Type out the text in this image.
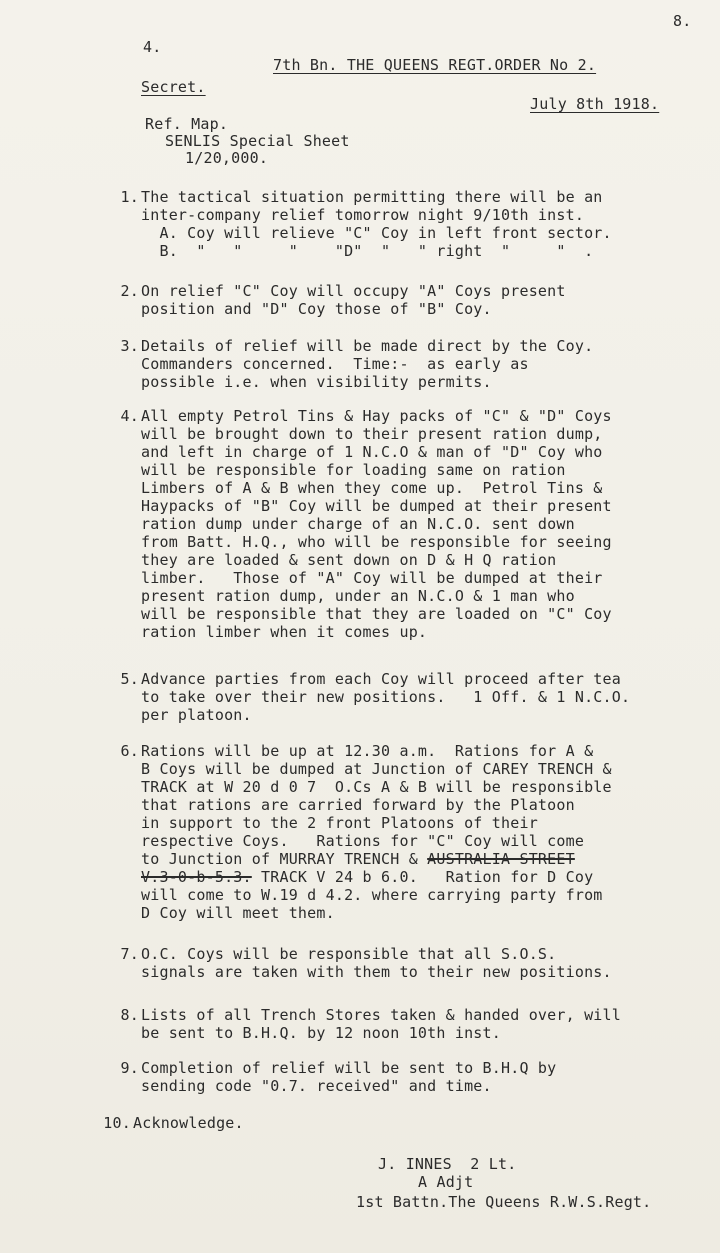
8.
4.
7th Bn. THE QUEENS REGT.ORDER No 2.
Secret.
July 8th 1918.
Ref. Map.
SENLIS Special Sheet
1/20,000.
1. The tactical situation permitting there will be an
inter-company relief tomorrow night 9/10th inst.
A. Coy will relieve "C" Coy in left front sector.
B.  "   "     "    "D"  "   " right  "     "  .
2. On relief "C" Coy will occupy "A" Coys present
position and "D" Coy those of "B" Coy.
3. Details of relief will be made direct by the Coy.
Commanders concerned.  Time:-  as early as
possible i.e. when visibility permits.
4. All empty Petrol Tins & Hay packs of "C" & "D" Coys
will be brought down to their present ration dump,
and left in charge of 1 N.C.O & man of "D" Coy who
will be responsible for loading same on ration
Limbers of A & B when they come up.  Petrol Tins &
Haypacks of "B" Coy will be dumped at their present
ration dump under charge of an N.C.O. sent down
from Batt. H.Q., who will be responsible for seeing
they are loaded & sent down on D & H Q ration
limber.   Those of "A" Coy will be dumped at their
present ration dump, under an N.C.O & 1 man who
will be responsible that they are loaded on "C" Coy
ration limber when it comes up.
5. Advance parties from each Coy will proceed after tea
to take over their new positions.   1 Off. & 1 N.C.O.
per platoon.
6. Rations will be up at 12.30 a.m.  Rations for A &
B Coys will be dumped at Junction of CAREY TRENCH &
TRACK at W 20 d 0 7  O.Cs A & B will be responsible
that rations are carried forward by the Platoon
in support to the 2 front Platoons of their
respective Coys.   Rations for "C" Coy will come
to Junction of MURRAY TRENCH & AUSTRALIA STREET
V.3-0-b-5.3. TRACK V 24 b 6.0.   Ration for D Coy
will come to W.19 d 4.2. where carrying party from
D Coy will meet them.
7. O.C. Coys will be responsible that all S.O.S.
signals are taken with them to their new positions.
8. Lists of all Trench Stores taken & handed over, will
be sent to B.H.Q. by 12 noon 10th inst.
9. Completion of relief will be sent to B.H.Q by
sending code "0.7. received" and time.
10. Acknowledge.
J. INNES  2 Lt.
A Adjt
1st Battn.The Queens R.W.S.Regt.
